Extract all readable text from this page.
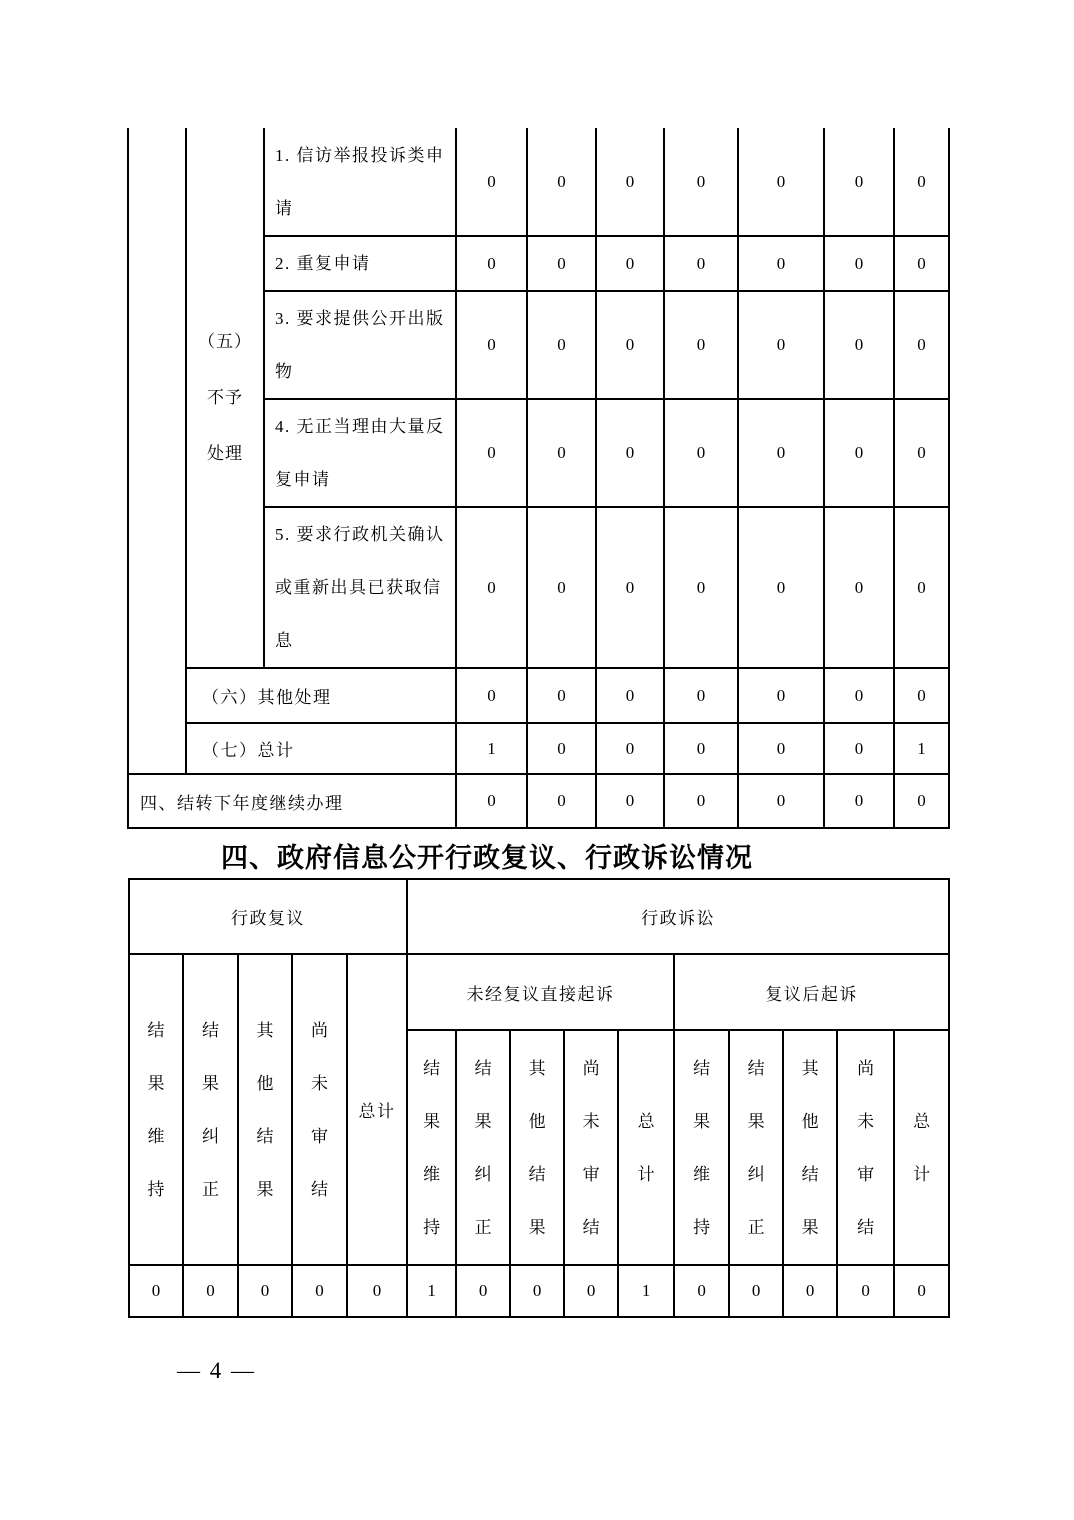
	（五）
不予
处理	1. 信访举报投诉类申请	0	0	0	0	0	0	0
		2. 重复申请	0	0	0	0	0	0	0
		3. 要求提供公开出版物	0	0	0	0	0	0	0
		4. 无正当理由大量反复申请	0	0	0	0	0	0	0
		5. 要求行政机关确认或重新出具已获取信息	0	0	0	0	0	0	0
	（六）其他处理		0	0	0	0	0	0	0
	（七）总计		1	0	0	0	0	0	1
四、结转下年度继续办理			0	0	0	0	0	0	0
四、政府信息公开行政复议、行政诉讼情况
行政复议					行政诉讼									

结果维持	结果纠正	其他结果	尚未审结	总计	未经复议直接起诉					复议后起诉				

					结果维持	结果纠正	其他结果	尚未审结	总计	结果维持	结果纠正	其他结果	尚未审结	总计

0	0	0	0	0	1	0	0	0	1	0	0	0	0	0
— 4 —
